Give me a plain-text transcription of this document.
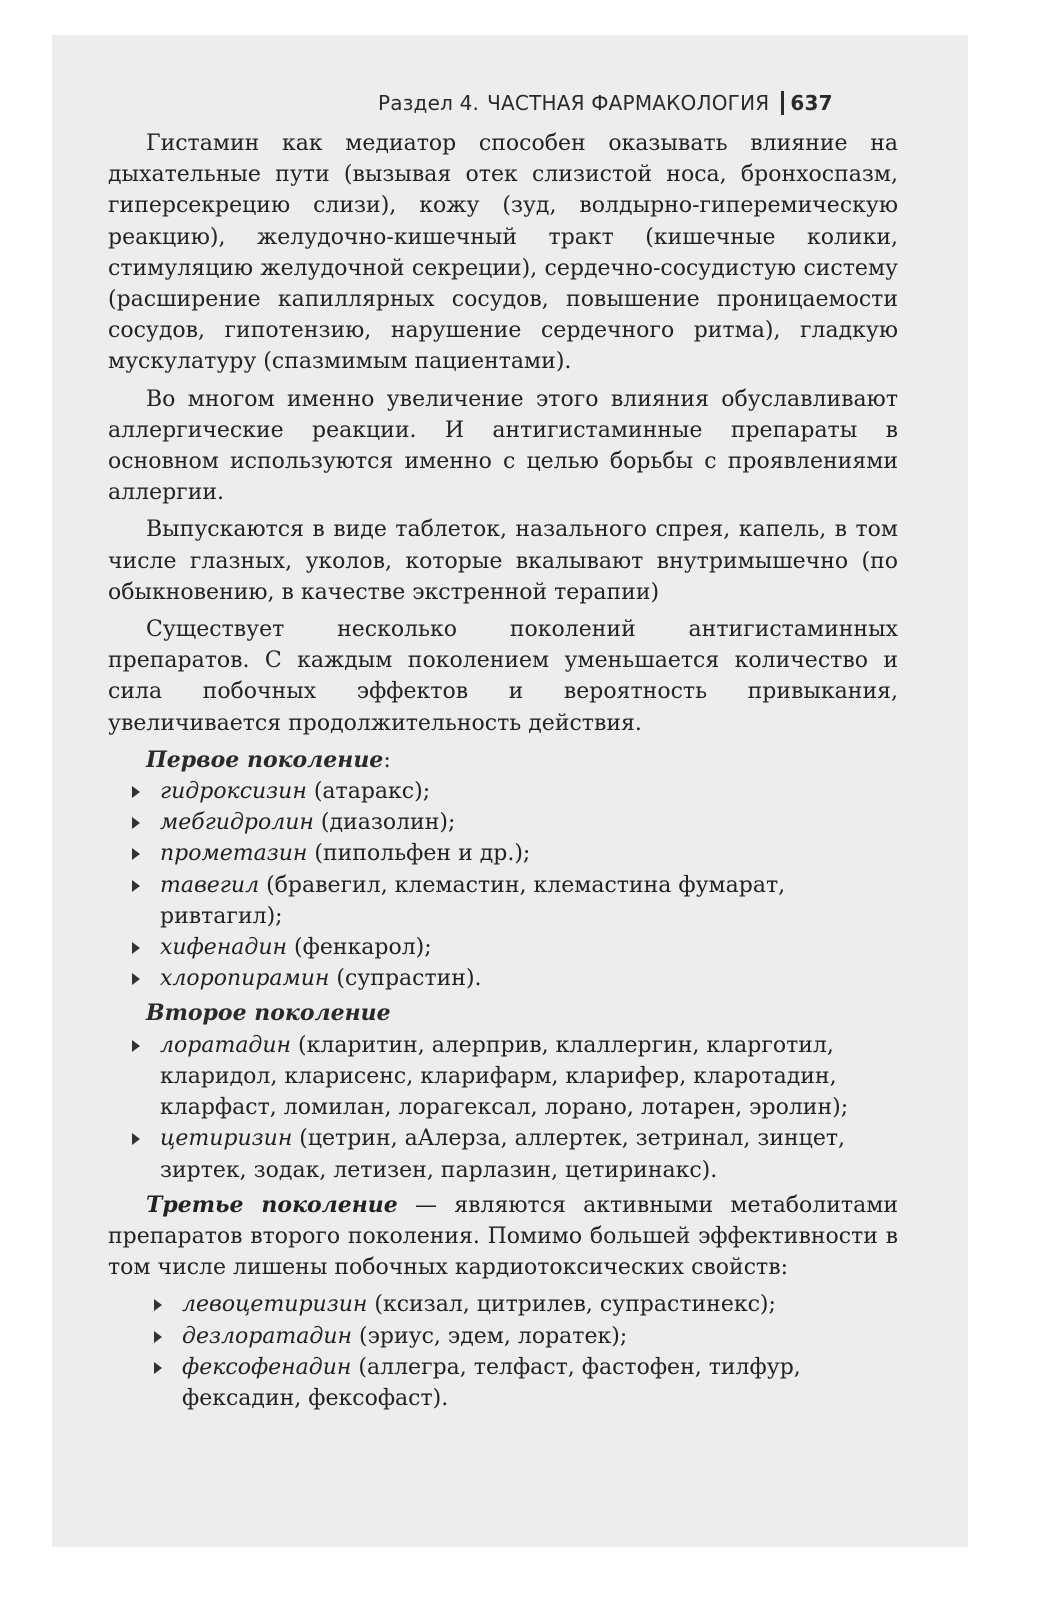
Раздел 4. ЧАСТНАЯ ФАРМАКОЛОГИЯ 637

Гистамин как медиатор способен оказывать влияние на дыхательные пути (вызывая отек слизистой носа, бронхоспазм, гиперсекрецию слизи), кожу (зуд, волдырно-гиперемическую реакцию), желудочно-кишечный тракт (кишечные колики, стимуляцию желудочной секреции), сердечно-сосудистую систему (расширение капиллярных сосудов, повышение проницаемости сосудов, гипотензию, нарушение сердечного ритма), гладкую мускулатуру (спазмимым пациентами).

Во многом именно увеличение этого влияния обуславливают аллергические реакции. И антигистаминные препараты в основном используются именно с целью борьбы с проявлениями аллергии.

Выпускаются в виде таблеток, назального спрея, капель, в том числе глазных, уколов, которые вкалывают внутримышечно (по обыкновению, в качестве экстренной терапии)

Существует несколько поколений антигистаминных препаратов. С каждым поколением уменьшается количество и сила побочных эффектов и вероятность привыкания, увеличивается продолжительность действия.

Первое поколение:
гидроксизин (атаракс);
мебгидролин (диазолин);
прометазин (пипольфен и др.);
тавегил (бравегил, клемастин, клемастина фумарат, ривтагил);
хифенадин (фенкарол);
хлоропирамин (супрастин).
Второе поколение
лоратадин (кларитин, алерприв, клаллергин, кларготил, кларидол, кларисенс, кларифарм, кларифер, кларотадин, кларфаст, ломилан, лорагексал, лорано, лотарен, эролин);
цетиризин (цетрин, аАлерза, аллертек, зетринал, зинцет, зиртек, зодак, летизен, парлазин, цетиринакс).

Третье поколение — являются активными метаболитами препаратов второго поколения. Помимо большей эффективности в том числе лишены побочных кардиотоксических свойств:

левоцетиризин (ксизал, цитрилев, супрастинекс);
дезлоратадин (эриус, эдем, лоратек);
фексофенадин (аллегра, телфаст, фастофен, тилфур, фексадин, фексофаст).
